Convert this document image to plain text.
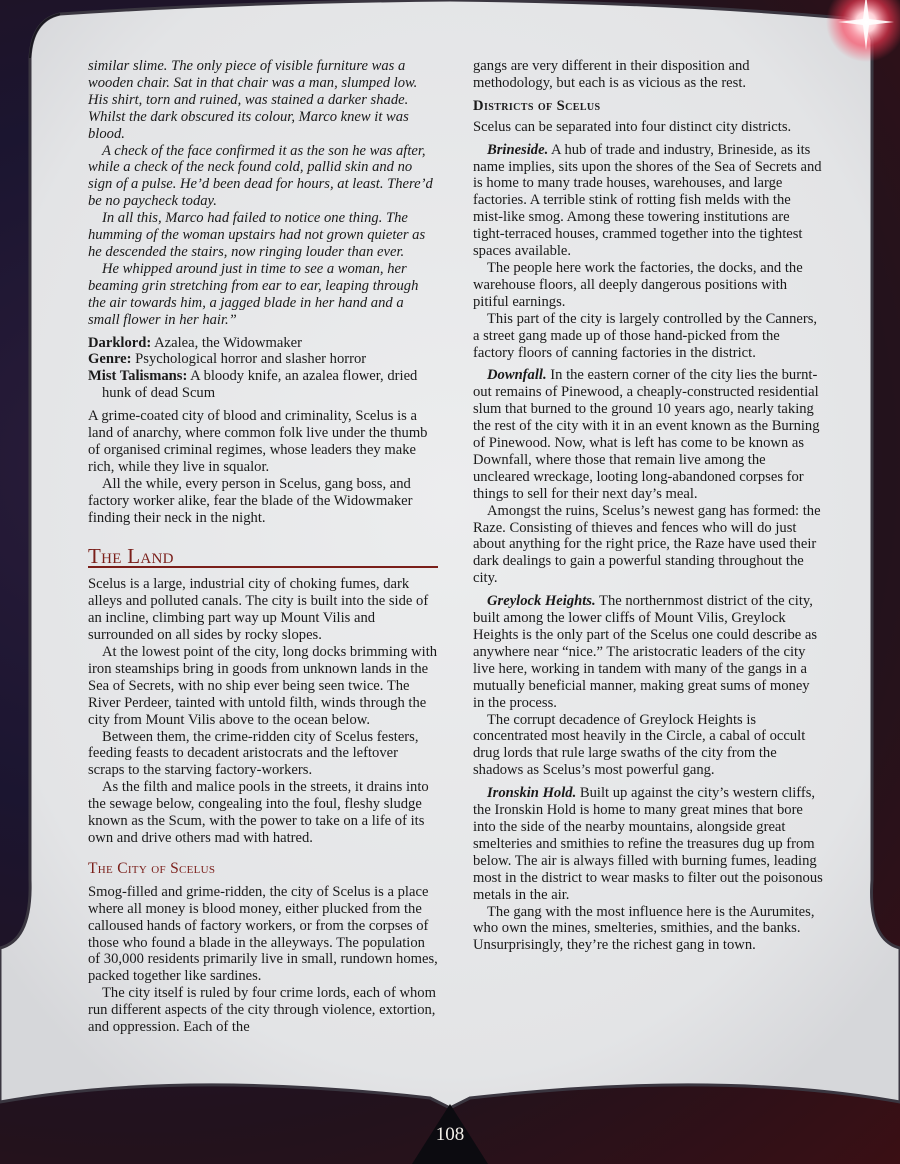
similar slime. The only piece of visible furniture was a wooden chair. Sat in that chair was a man, slumped low. His shirt, torn and ruined, was stained a darker shade. Whilst the dark obscured its colour, Marco knew it was blood.

A check of the face confirmed it as the son he was after, while a check of the neck found cold, pallid skin and no sign of a pulse. He’d been dead for hours, at least. There’d be no paycheck today.

In all this, Marco had failed to notice one thing. The humming of the woman upstairs had not grown quieter as he descended the stairs, now ringing louder than ever.

He whipped around just in time to see a woman, her beaming grin stretching from ear to ear, leaping through the air towards him, a jagged blade in her hand and a small flower in her hair.”

Darklord: Azalea, the Widowmaker

Genre: Psychological horror and slasher horror

Mist Talismans: A bloody knife, an azalea flower, dried hunk of dead Scum

A grime-coated city of blood and criminality, Scelus is a land of anarchy, where common folk live under the thumb of organised criminal regimes, whose leaders they make rich, while they live in squalor.

All the while, every person in Scelus, gang boss, and factory worker alike, fear the blade of the Widowmaker finding their neck in the night.

The Land

Scelus is a large, industrial city of choking fumes, dark alleys and polluted canals. The city is built into the side of an incline, climbing part way up Mount Vilis and surrounded on all sides by rocky slopes.

At the lowest point of the city, long docks brimming with iron steamships bring in goods from unknown lands in the Sea of Secrets, with no ship ever being seen twice. The River Perdeer, tainted with untold filth, winds through the city from Mount Vilis above to the ocean below.

Between them, the crime-ridden city of Scelus festers, feeding feasts to decadent aristocrats and the leftover scraps to the starving factory-workers.

As the filth and malice pools in the streets, it drains into the sewage below, congealing into the foul, fleshy sludge known as the Scum, with the power to take on a life of its own and drive others mad with hatred.

The City of Scelus

Smog-filled and grime-ridden, the city of Scelus is a place where all money is blood money, either plucked from the calloused hands of factory workers, or from the corpses of those who found a blade in the alleyways. The population of 30,000 residents primarily live in small, rundown homes, packed together like sardines.

The city itself is ruled by four crime lords, each of whom run different aspects of the city through violence, extortion, and oppression. Each of the

gangs are very different in their disposition and methodology, but each is as vicious as the rest.

Districts of Scelus

Scelus can be separated into four distinct city districts.

Brineside. A hub of trade and industry, Brineside, as its name implies, sits upon the shores of the Sea of Secrets and is home to many trade houses, warehouses, and large factories. A terrible stink of rotting fish melds with the mist-like smog. Among these towering institutions are tight-terraced houses, crammed together into the tightest spaces available.

The people here work the factories, the docks, and the warehouse floors, all deeply dangerous positions with pitiful earnings.

This part of the city is largely controlled by the Canners, a street gang made up of those hand-picked from the factory floors of canning factories in the district.

Downfall. In the eastern corner of the city lies the burnt-out remains of Pinewood, a cheaply-constructed residential slum that burned to the ground 10 years ago, nearly taking the rest of the city with it in an event known as the Burning of Pinewood. Now, what is left has come to be known as Downfall, where those that remain live among the uncleared wreckage, looting long-abandoned corpses for things to sell for their next day’s meal.

Amongst the ruins, Scelus’s newest gang has formed: the Raze. Consisting of thieves and fences who will do just about anything for the right price, the Raze have used their dark dealings to gain a powerful standing throughout the city.

Greylock Heights. The northernmost district of the city, built among the lower cliffs of Mount Vilis, Greylock Heights is the only part of the Scelus one could describe as anywhere near “nice.” The aristocratic leaders of the city live here, working in tandem with many of the gangs in a mutually beneficial manner, making great sums of money in the process.

The corrupt decadence of Greylock Heights is concentrated most heavily in the Circle, a cabal of occult drug lords that rule large swaths of the city from the shadows as Scelus’s most powerful gang.

Ironskin Hold. Built up against the city’s western cliffs, the Ironskin Hold is home to many great mines that bore into the side of the nearby mountains, alongside great smelteries and smithies to refine the treasures dug up from below. The air is always filled with burning fumes, leading most in the district to wear masks to filter out the poisonous metals in the air.

The gang with the most influence here is the Aurumites, who own the mines, smelteries, smithies, and the banks. Unsurprisingly, they’re the richest gang in town.

108
